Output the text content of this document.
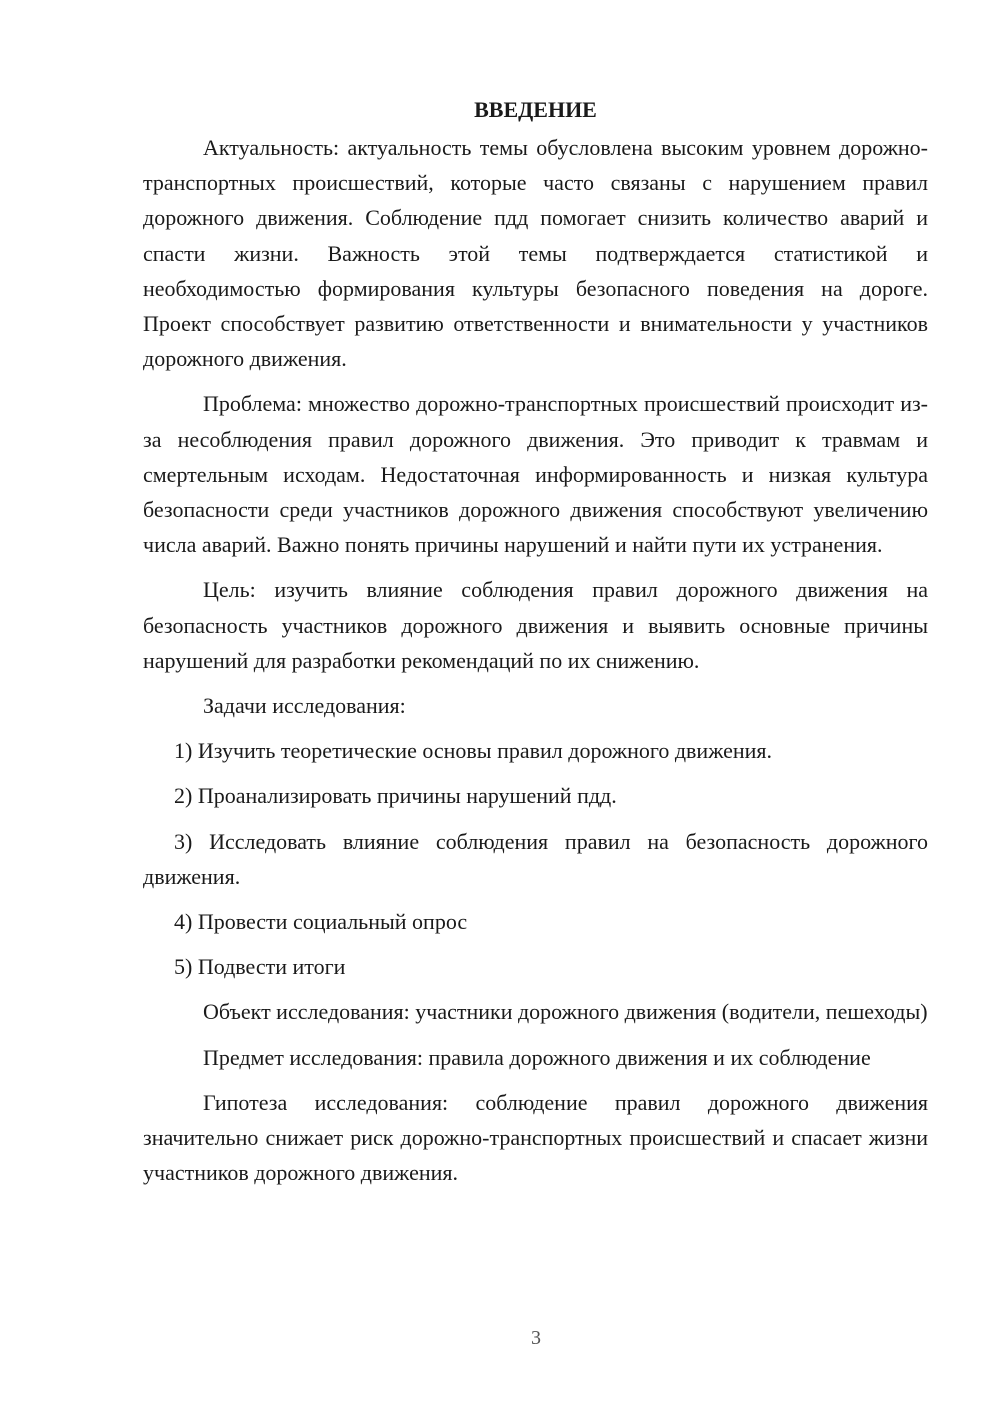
ВВЕДЕНИЕ

Актуальность: актуальность темы обусловлена высоким уровнем дорожно-транспортных происшествий, которые часто связаны с нарушением правил дорожного движения. Соблюдение пдд помогает снизить количество аварий и спасти жизни. Важность этой темы подтверждается статистикой и необходимостью формирования культуры безопасного поведения на дороге. Проект способствует развитию ответственности и внимательности у участников дорожного движения.

Проблема: множество дорожно-транспортных происшествий происходит из-за несоблюдения правил дорожного движения. Это приводит к травмам и смертельным исходам. Недостаточная информированность и низкая культура безопасности среди участников дорожного движения способствуют увеличению числа аварий. Важно понять причины нарушений и найти пути их устранения.

Цель: изучить влияние соблюдения правил дорожного движения на безопасность участников дорожного движения и выявить основные причины нарушений для разработки рекомендаций по их снижению.

Задачи исследования:

1) Изучить теоретические основы правил дорожного движения.

2) Проанализировать причины нарушений пдд.

3) Исследовать влияние соблюдения правил на безопасность дорожного движения.

4) Провести социальный опрос

5) Подвести итоги

Объект исследования: участники дорожного движения (водители, пешеходы)

Предмет исследования: правила дорожного движения и их соблюдение

Гипотеза исследования: соблюдение правил дорожного движения значительно снижает риск дорожно-транспортных происшествий и спасает жизни участников дорожного движения.

3
